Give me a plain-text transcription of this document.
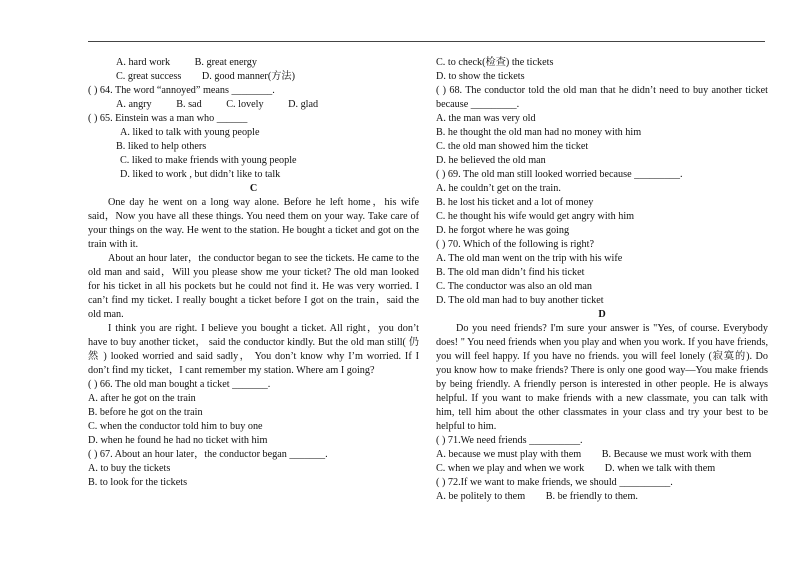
A. hard work B. great energy
C. great success D. good manner(方法)
( ) 64. The word “annoyed” means ________.
A. angry B. sad C. lovely D. glad
( ) 65. Einstein was a man who ______
A. liked to talk with young people
B. liked to help others
C. liked to make friends with young people
D. liked to work , but didn’t like to talk
C

One day he went on a long way alone. Before he left home，his wife said，Now you have all these things. You need them on your way. Take care of your things on the way. He went to the station. He bought a ticket and got on the train with it.

About an hour later，the conductor began to see the tickets. He came to the old man and said，Will you please show me your ticket? The old man looked for his ticket in all his pockets but he could not find it. He was very worried. I can’t find my ticket. I really bought a ticket before I got on the train，said the old man.

I think you are right. I believe you bought a ticket. All right，you don’t have to buy another ticket， said the conductor kindly. But the old man still( 仍 然 ) looked worried and said sadly， You don’t know why I’m worried. If I don’t find my ticket，I cant remember my station. Where am I going?

( ) 66. The old man bought a ticket _______.
A. after he got on the train
B. before he got on the train
C. when the conductor told him to buy one
D. when he found he had no ticket with him
( ) 67. About an hour later，the conductor began _______.
A. to buy the tickets
B. to look for the tickets
C. to check(检查) the tickets
D. to show the tickets

( ) 68. The conductor told the old man that he didn’t need to buy another ticket because _________.

A. the man was very old
B. he thought the old man had no money with him
C. the old man showed him the ticket
D. he believed the old man
( ) 69. The old man still looked worried because _________.
A. he couldn’t get on the train.
B. he lost his ticket and a lot of money
C. he thought his wife would get angry with him
D. he forgot where he was going
( ) 70. Which of the following is right?
A. The old man went on the trip with his wife
B. The old man didn’t find his ticket
C. The conductor was also an old man
D. The old man had to buy another ticket
D

Do you need friends? I'm sure your answer is "Yes, of course. Everybody does! " You need friends when you play and when you work. If you have friends, you will feel happy. If you have no friends. you will feel lonely (寂寞的). Do you know how to make friends? There is only one good way—You make friends by being friendly. A friendly person is interested in other people. He is always helpful. If you want to make friends with a new classmate, you can talk with him, tell him about the other classmates in your class and try your best to be helpful to him.

( ) 71.We need friends __________.
A. because we must play with them B. Because we must work with them
C. when we play and when we work D. when we talk with them
( ) 72.If we want to make friends, we should __________.
A. be politely to them B. be friendly to them.
